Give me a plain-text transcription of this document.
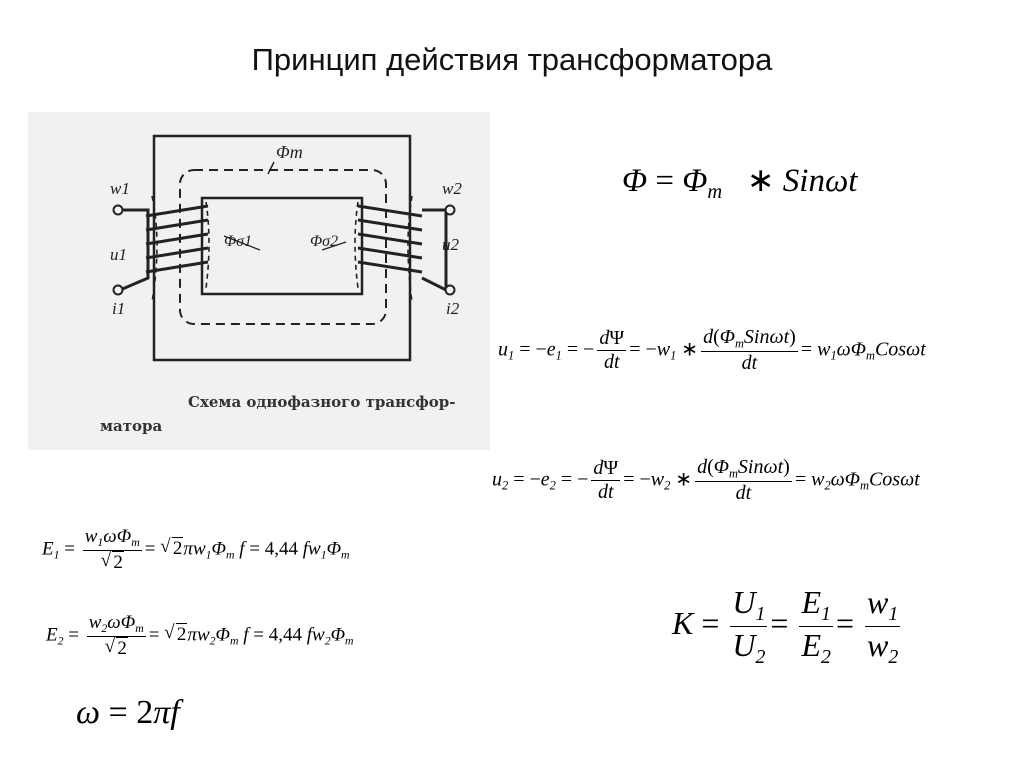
Принцип действия трансформатора
Φm
Φσ1	Φσ2
w1
u1
i1
w2
u2
i2
Схема однофазного трансфор-матора
$\Phi = \Phi_m$   ∗ Sinωt
$u_1 = -e_1$ = − $\frac{d\Psi}{dt} = -w_1$ ∗ $\frac{d(\Phi_mSin\omega t)}{dt} = w_1\omega\Phi_mCos\omega t$
$u_2 = -e_2$ = − $\frac{d\Psi}{dt} = -w_2$ ∗ $\frac{d(\Phi_mSin\omega t)}{dt} = w_2\omega\Phi_mCos\omega t$
$E_1 = w_1\omega\Phi_m$
√ 2 = √ $2\pi w_1\Phi_m$ f = 4,44 $fw_1\Phi_m$
$E_2 = w_2\omega\Phi_m$
√ 2 = √ $2\pi w_2\Phi_m$ f = 4,44 $fw_2\Phi_m$
ω = 2πf
$K = \frac{U_1}{U_2} = \frac{E_1}{E_2} = \frac{w_1}{w_2}$
